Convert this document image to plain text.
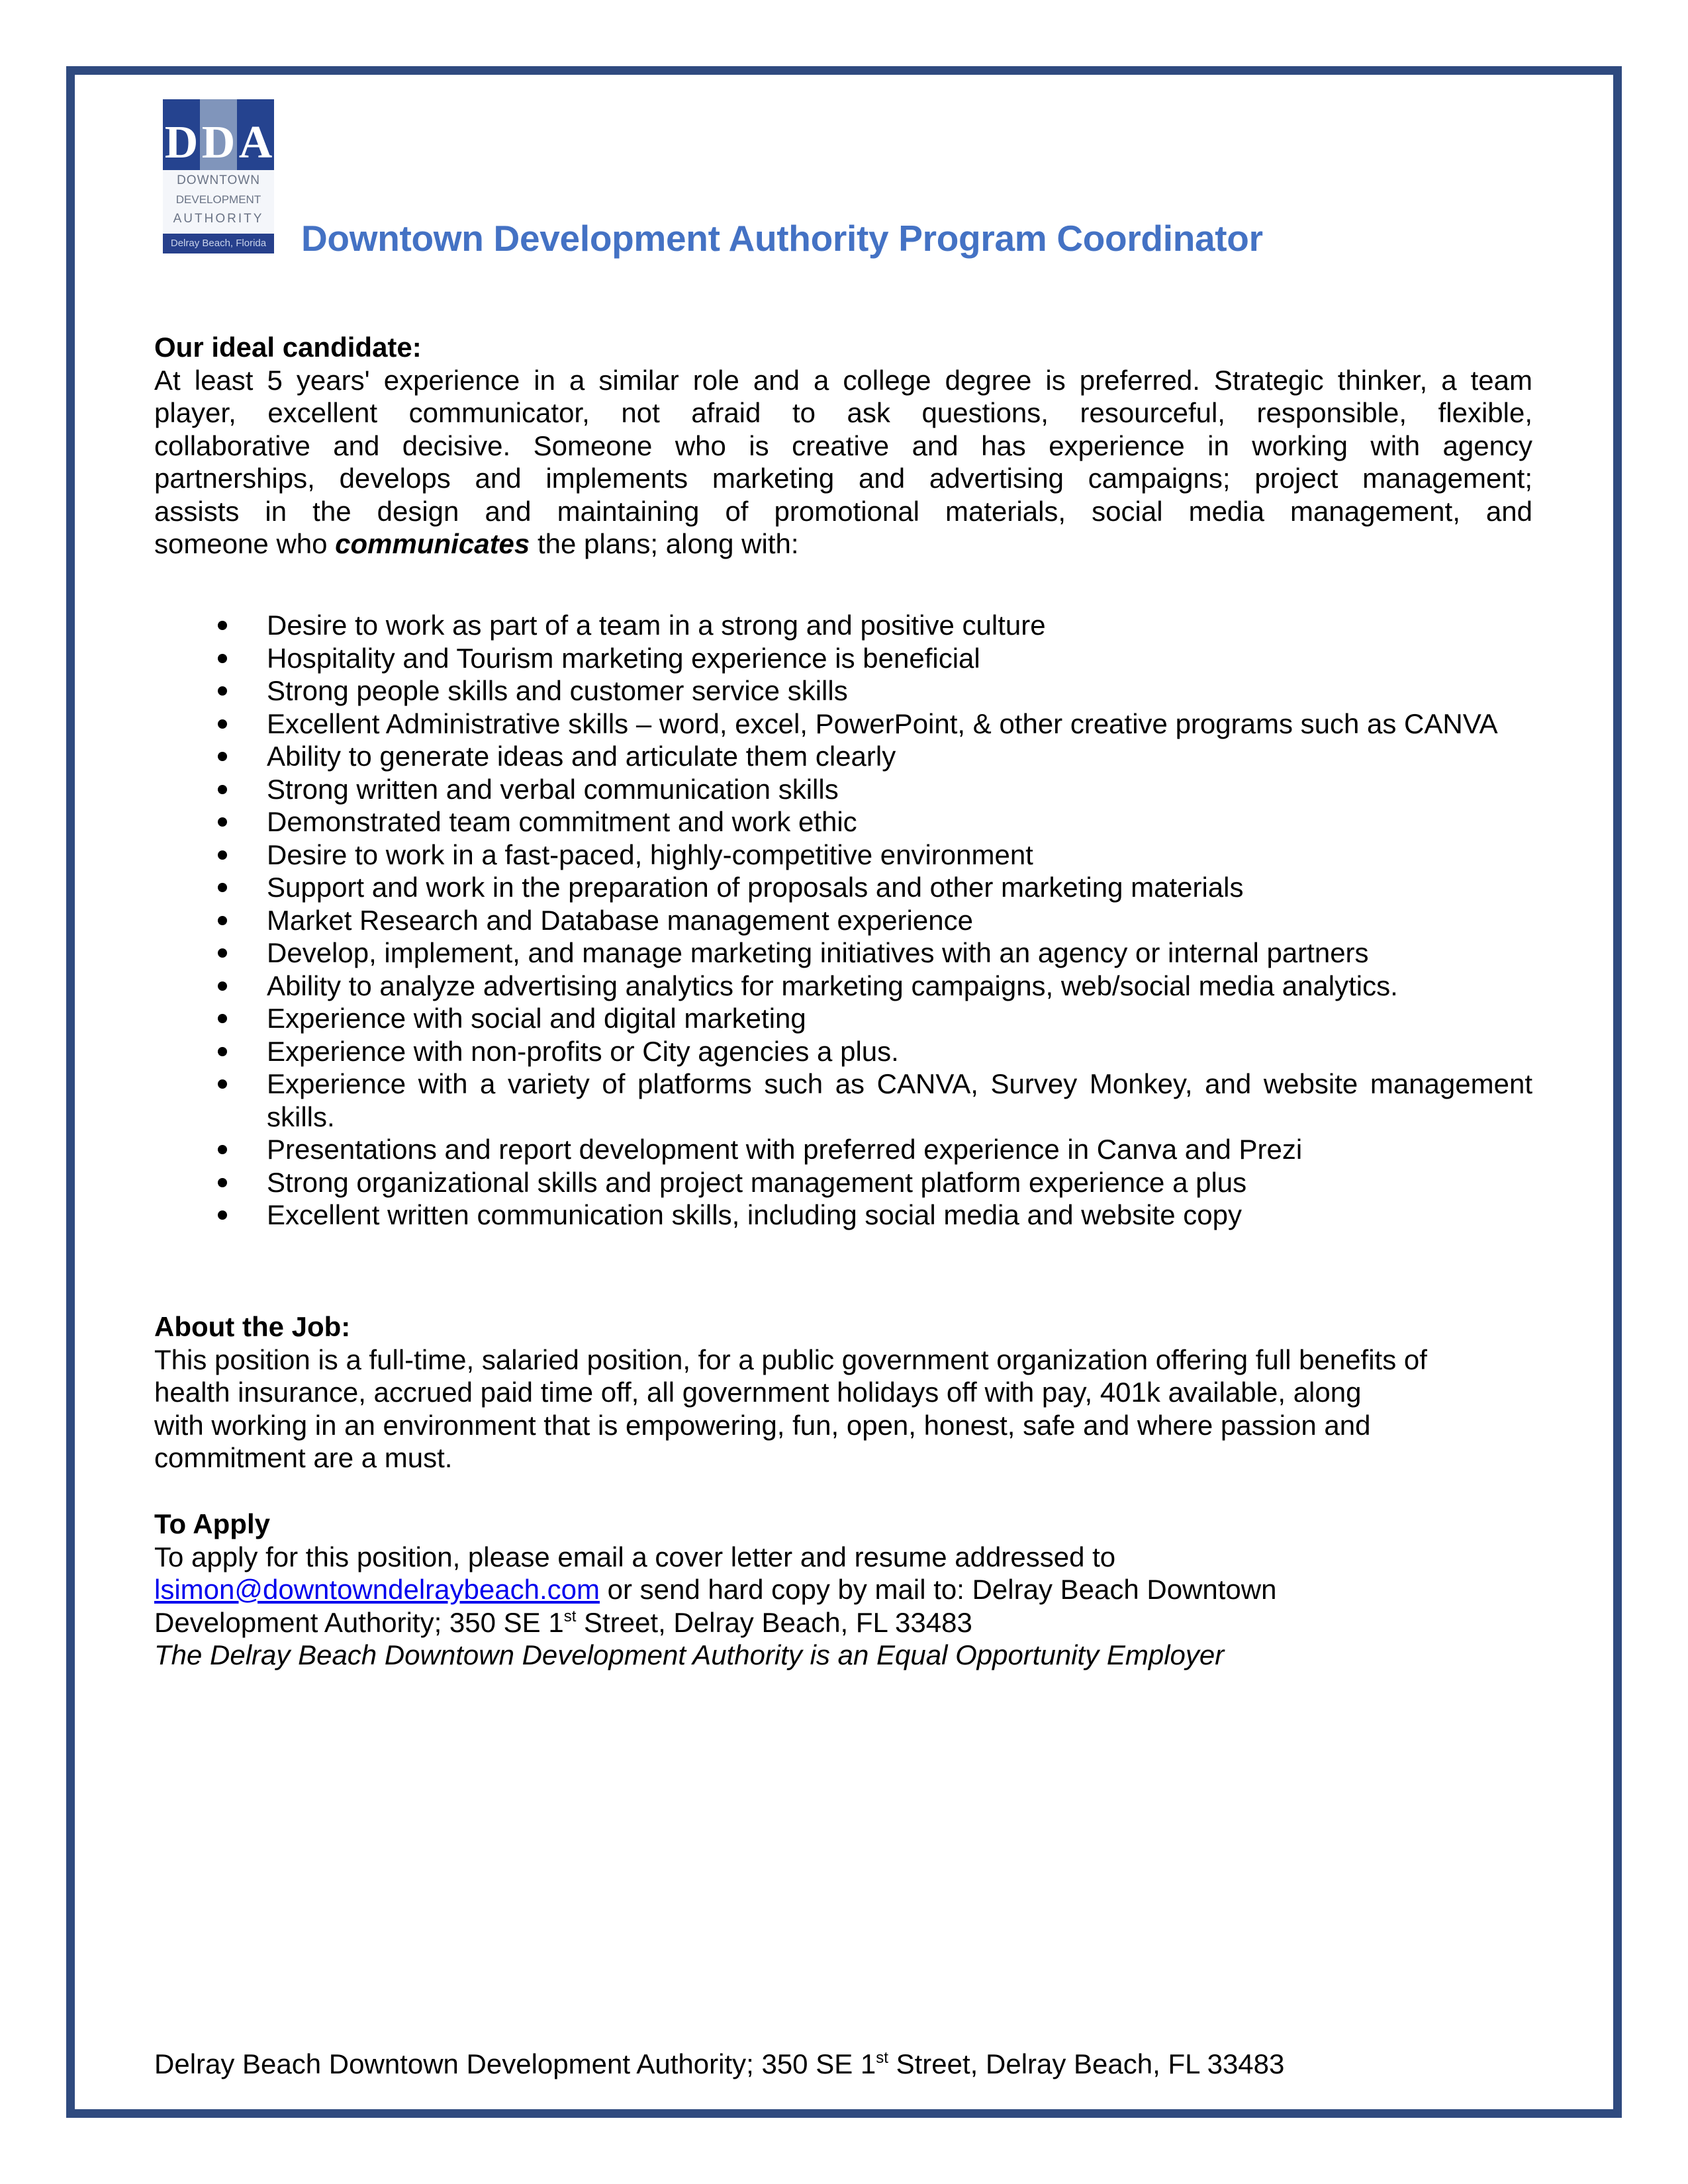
D D A
DOWNTOWN
DEVELOPMENT
AUTHORITY
Delray Beach, Florida Downtown Development Authority Program Coordinator
Our ideal candidate:
At least 5 years' experience in a similar role and a college degree is preferred. Strategic thinker, a team
player, excellent communicator, not afraid to ask questions, resourceful, responsible, flexible,
collaborative and decisive. Someone who is creative and has experience in working with agency
partnerships, develops and implements marketing and advertising campaigns; project management;
assists in the design and maintaining of promotional materials, social media management, and
someone who communicates the plans; along with:
Desire to work as part of a team in a strong and positive culture
Hospitality and Tourism marketing experience is beneficial
Strong people skills and customer service skills
Excellent Administrative skills – word, excel, PowerPoint, & other creative programs such as CANVA
Ability to generate ideas and articulate them clearly
Strong written and verbal communication skills
Demonstrated team commitment and work ethic
Desire to work in a fast-paced, highly-competitive environment
Support and work in the preparation of proposals and other marketing materials
Market Research and Database management experience
Develop, implement, and manage marketing initiatives with an agency or internal partners
Ability to analyze advertising analytics for marketing campaigns, web/social media analytics.
Experience with social and digital marketing
Experience with non-profits or City agencies a plus.
Experience with a variety of platforms such as CANVA, Survey Monkey, and website management skills.
Presentations and report development with preferred experience in Canva and Prezi
Strong organizational skills and project management platform experience a plus
Excellent written communication skills, including social media and website copy
About the Job:
This position is a full-time, salaried position, for a public government organization offering full benefits of
health insurance, accrued paid time off, all government holidays off with pay, 401k available, along
with working in an environment that is empowering, fun, open, honest, safe and where passion and
commitment are a must.
To Apply
To apply for this position, please email a cover letter and resume addressed to
lsimon@downtowndelraybeach.com or send hard copy by mail to: Delray Beach Downtown
Development Authority; 350 SE 1st Street, Delray Beach, FL 33483
The Delray Beach Downtown Development Authority is an Equal Opportunity Employer
Delray Beach Downtown Development Authority; 350 SE 1st Street, Delray Beach, FL 33483
